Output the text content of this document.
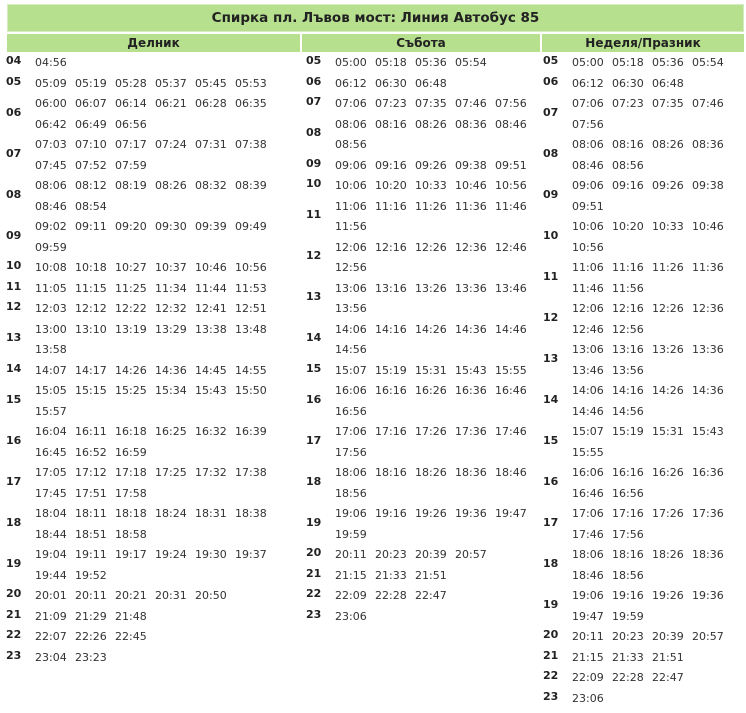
Спирка пл. Лъвов мост: Линия Автобус 85
Делник	Събота	Неделя/Празник
04 04:56
05 05:09 05:19 05:28 05:37 05:45 05:53
06
06:00 06:07 06:14 06:21 06:28 06:35
06:42 06:49 06:56
07
07:03 07:10 07:17 07:24 07:31 07:38
07:45 07:52 07:59
08
08:06 08:12 08:19 08:26 08:32 08:39
08:46 08:54
09
09:02 09:11 09:20 09:30 09:39 09:49
09:59
10 10:08 10:18 10:27 10:37 10:46 10:56
11 11:05 11:15 11:25 11:34 11:44 11:53
12 12:03 12:12 12:22 12:32 12:41 12:51
13
13:00 13:10 13:19 13:29 13:38 13:48
13:58
14 14:07 14:17 14:26 14:36 14:45 14:55
15
15:05 15:15 15:25 15:34 15:43 15:50
15:57
16
16:04 16:11 16:18 16:25 16:32 16:39
16:45 16:52 16:59
17
17:05 17:12 17:18 17:25 17:32 17:38
17:45 17:51 17:58
18
18:04 18:11 18:18 18:24 18:31 18:38
18:44 18:51 18:58
19
19:04 19:11 19:17 19:24 19:30 19:37
19:44 19:52
20 20:01 20:11 20:21 20:31 20:50
21 21:09 21:29 21:48
22 22:07 22:26 22:45
23 23:04 23:23
05 05:00 05:18 05:36 05:54
06 06:12 06:30 06:48
07 07:06 07:23 07:35 07:46 07:56
08
08:06 08:16 08:26 08:36 08:46
08:56
09 09:06 09:16 09:26 09:38 09:51
10 10:06 10:20 10:33 10:46 10:56
11
11:06 11:16 11:26 11:36 11:46
11:56
12
12:06 12:16 12:26 12:36 12:46
12:56
13
13:06 13:16 13:26 13:36 13:46
13:56
14
14:06 14:16 14:26 14:36 14:46
14:56
15 15:07 15:19 15:31 15:43 15:55
16
16:06 16:16 16:26 16:36 16:46
16:56
17
17:06 17:16 17:26 17:36 17:46
17:56
18
18:06 18:16 18:26 18:36 18:46
18:56
19
19:06 19:16 19:26 19:36 19:47
19:59
20 20:11 20:23 20:39 20:57
21 21:15 21:33 21:51
22 22:09 22:28 22:47
23 23:06
05 05:00 05:18 05:36 05:54
06 06:12 06:30 06:48
07
07:06 07:23 07:35 07:46
07:56
08
08:06 08:16 08:26 08:36
08:46 08:56
09
09:06 09:16 09:26 09:38
09:51
10
10:06 10:20 10:33 10:46
10:56
11
11:06 11:16 11:26 11:36
11:46 11:56
12
12:06 12:16 12:26 12:36
12:46 12:56
13
13:06 13:16 13:26 13:36
13:46 13:56
14
14:06 14:16 14:26 14:36
14:46 14:56
15
15:07 15:19 15:31 15:43
15:55
16
16:06 16:16 16:26 16:36
16:46 16:56
17
17:06 17:16 17:26 17:36
17:46 17:56
18
18:06 18:16 18:26 18:36
18:46 18:56
19
19:06 19:16 19:26 19:36
19:47 19:59
20 20:11 20:23 20:39 20:57
21 21:15 21:33 21:51
22 22:09 22:28 22:47
23 23:06
